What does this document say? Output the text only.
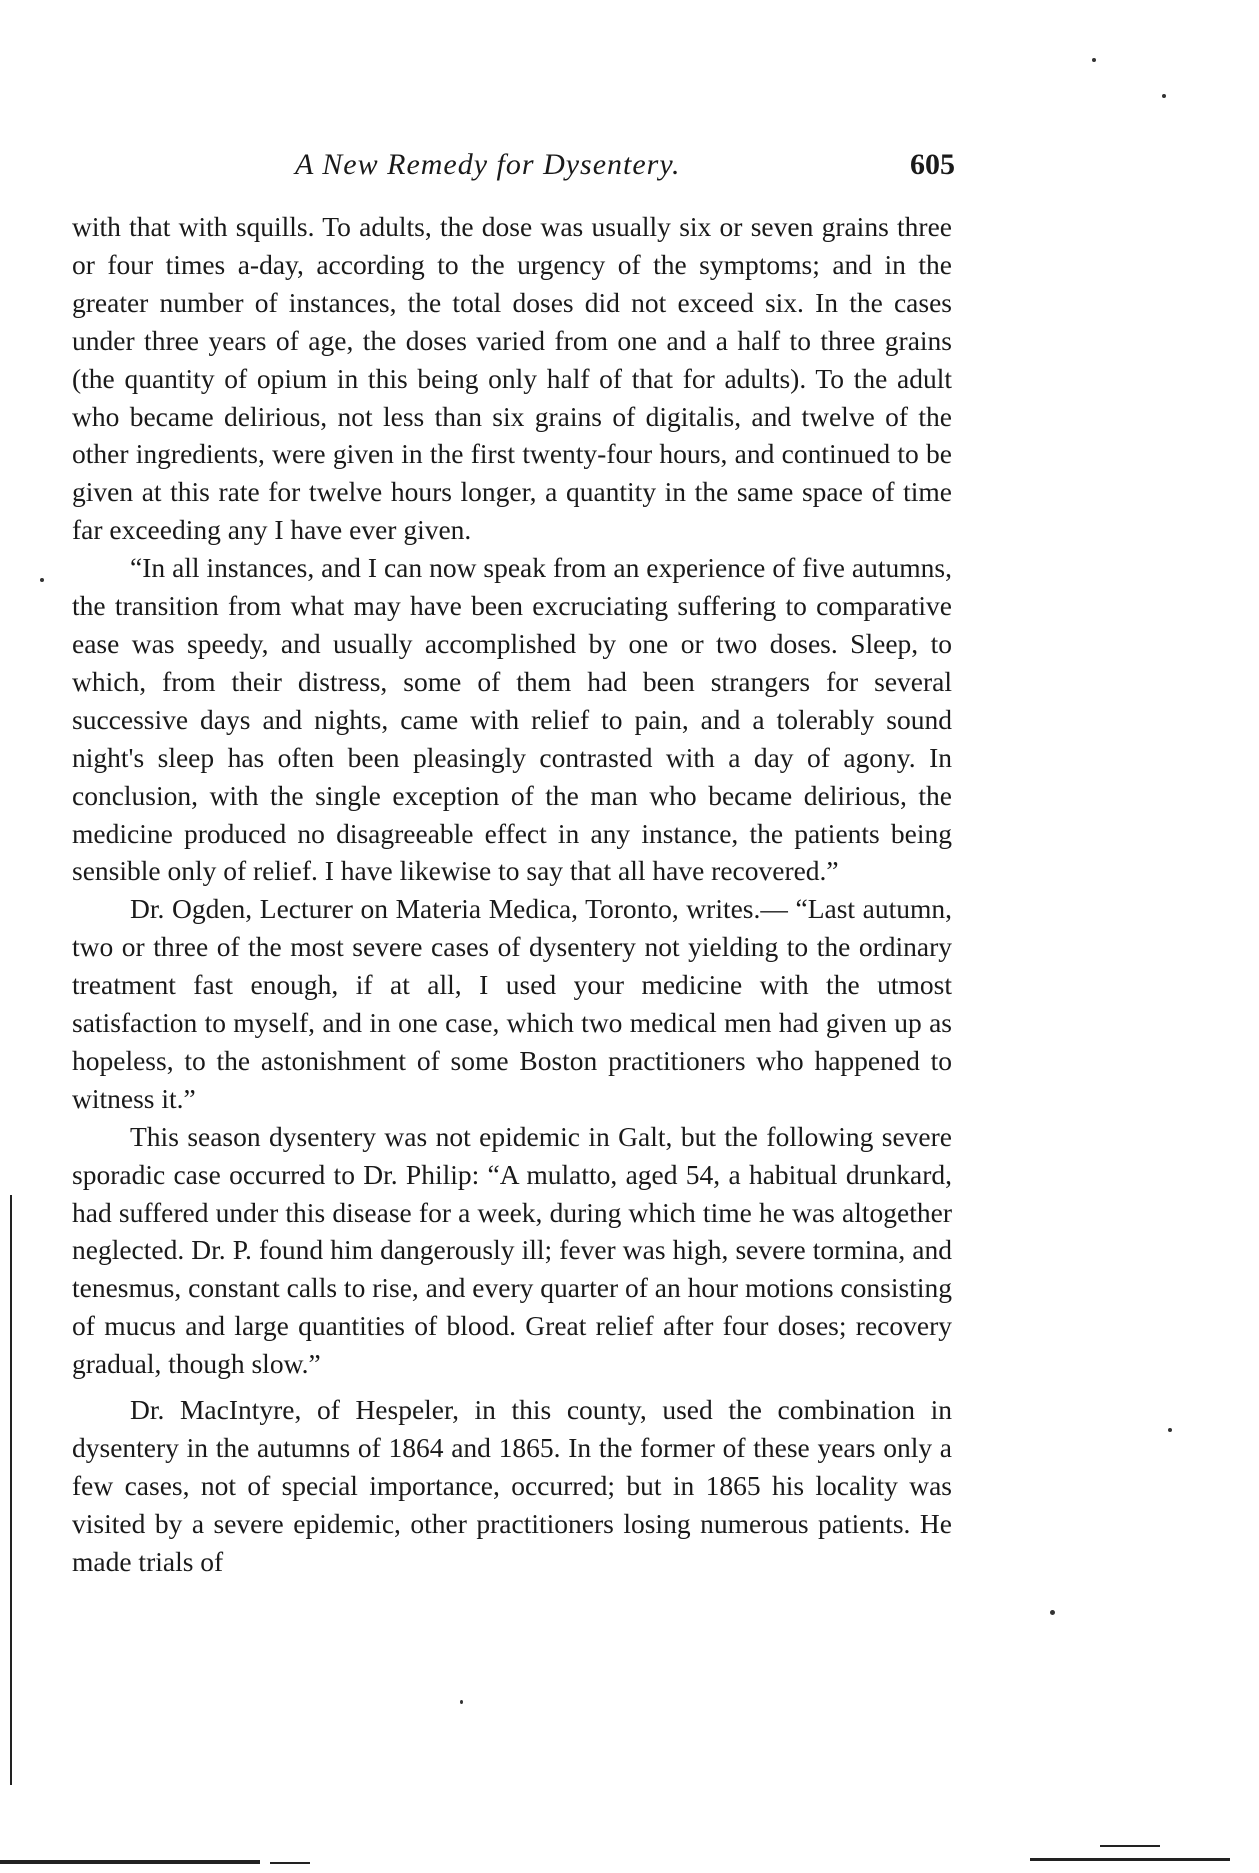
A New Remedy for Dysentery.	605

with that with squills. To adults, the dose was usually six or seven grains three or four times a-day, according to the urgency of the symptoms; and in the greater number of instances, the total doses did not exceed six. In the cases under three years of age, the doses varied from one and a half to three grains (the quantity of opium in this being only half of that for adults). To the adult who became delirious, not less than six grains of digitalis, and twelve of the other ingredients, were given in the first twenty-four hours, and continued to be given at this rate for twelve hours longer, a quantity in the same space of time far exceeding any I have ever given.

“In all instances, and I can now speak from an experience of five autumns, the transition from what may have been excruciating suffering to comparative ease was speedy, and usually accomplished by one or two doses. Sleep, to which, from their distress, some of them had been strangers for several successive days and nights, came with relief to pain, and a tolerably sound night's sleep has often been pleasingly contrasted with a day of agony. In conclusion, with the single exception of the man who became delirious, the medicine produced no disagreeable effect in any instance, the patients being sensible only of relief. I have likewise to say that all have recovered.”

Dr. Ogden, Lecturer on Materia Medica, Toronto, writes.— “Last autumn, two or three of the most severe cases of dysentery not yielding to the ordinary treatment fast enough, if at all, I used your medicine with the utmost satisfaction to myself, and in one case, which two medical men had given up as hopeless, to the astonishment of some Boston practitioners who happened to witness it.”

This season dysentery was not epidemic in Galt, but the following severe sporadic case occurred to Dr. Philip: “A mulatto, aged 54, a habitual drunkard, had suffered under this disease for a week, during which time he was altogether neglected. Dr. P. found him dangerously ill; fever was high, severe tormina, and tenesmus, constant calls to rise, and every quarter of an hour motions consisting of mucus and large quantities of blood. Great relief after four doses; recovery gradual, though slow.”

Dr. MacIntyre, of Hespeler, in this county, used the combination in dysentery in the autumns of 1864 and 1865. In the former of these years only a few cases, not of special importance, occurred; but in 1865 his locality was visited by a severe epidemic, other practitioners losing numerous patients. He made trials of
